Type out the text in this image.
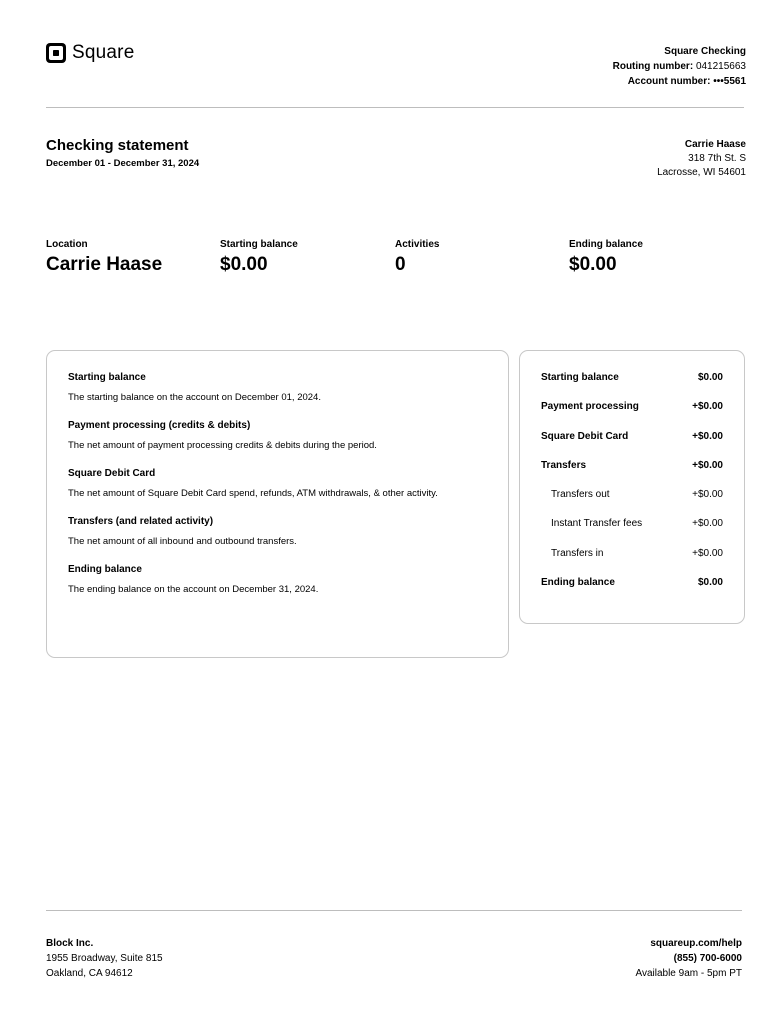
Square	Square Checking
Routing number: 041215663
Account number: •••5561
Checking statement
December 01 - December 31, 2024
Carrie Haase
318 7th St. S
Lacrosse, WI 54601
Location
Carrie Haase
Starting balance
$0.00
Activities
0
Ending balance
$0.00
Starting balance
The starting balance on the account on December 01, 2024.
Payment processing (credits & debits)
The net amount of payment processing credits & debits during the period.
Square Debit Card
The net amount of Square Debit Card spend, refunds, ATM withdrawals, & other activity.
Transfers (and related activity)
The net amount of all inbound and outbound transfers.
Ending balance
The ending balance on the account on December 31, 2024.
Starting balance	$0.00
Payment processing	+$0.00
Square Debit Card	+$0.00
Transfers	+$0.00
Transfers out	+$0.00
Instant Transfer fees	+$0.00
Transfers in	+$0.00
Ending balance	$0.00
Block Inc.
1955 Broadway, Suite 815
Oakland, CA 94612
squareup.com/help
(855) 700-6000
Available 9am - 5pm PT
